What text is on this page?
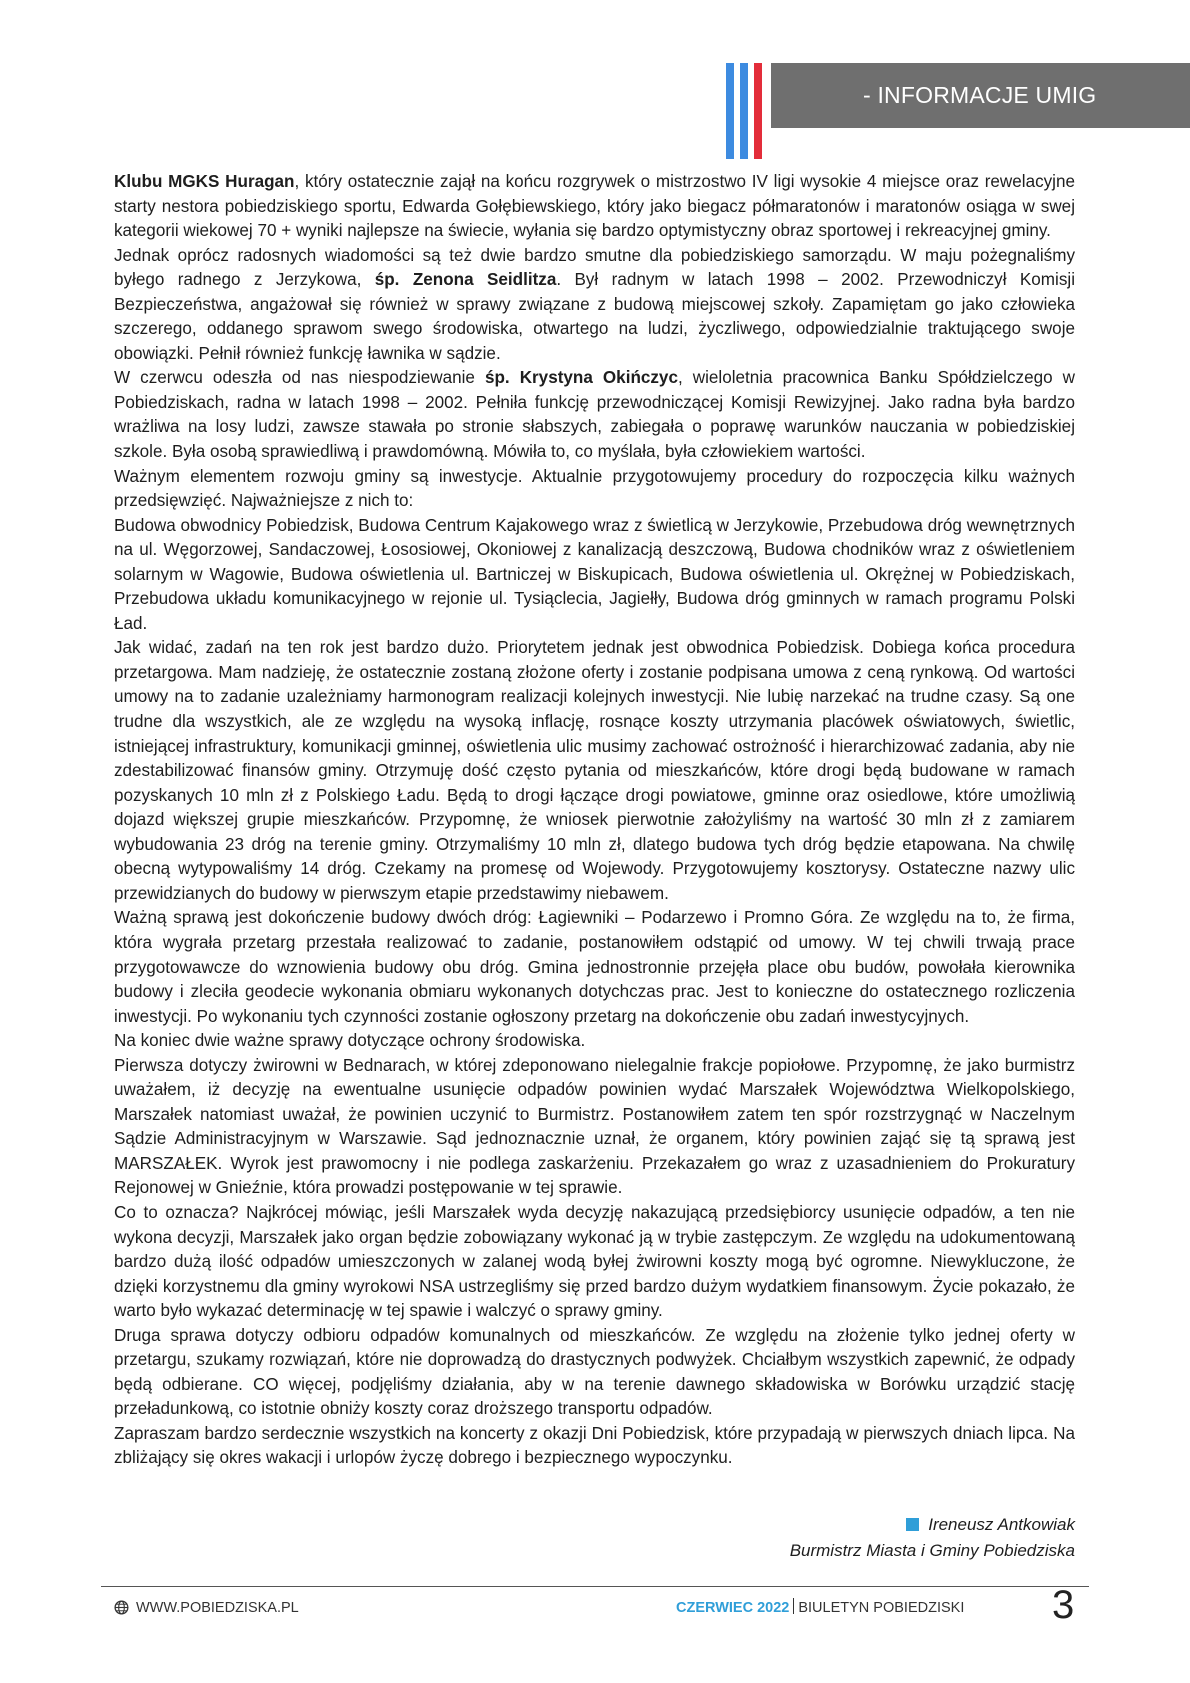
- INFORMACJE UMIG

Klubu MGKS Huragan, który ostatecznie zajął na końcu rozgrywek o mistrzostwo IV ligi wysokie 4 miejsce oraz rewelacyjne starty nestora pobiedziskiego sportu, Edwarda Gołębiewskiego, który jako biegacz półmaratonów i maratonów osiąga w swej kategorii wiekowej 70 + wyniki najlepsze na świecie, wyłania się bardzo optymistyczny obraz sportowej i rekreacyjnej gminy.

Jednak oprócz radosnych wiadomości są też dwie bardzo smutne dla pobiedziskiego samorządu. W maju pożegnaliśmy byłego radnego z Jerzykowa, śp. Zenona Seidlitza. Był radnym w latach 1998 – 2002. Przewodniczył Komisji Bezpieczeństwa, angażował się również w sprawy związane z budową miejscowej szkoły. Zapamiętam go jako człowieka szczerego, oddanego sprawom swego środowiska, otwartego na ludzi, życzliwego, odpowiedzialnie traktującego swoje obowiązki. Pełnił również funkcję ławnika w sądzie.

W czerwcu odeszła od nas niespodziewanie śp. Krystyna Okińczyc, wieloletnia pracownica Banku Spółdzielczego w Pobiedziskach, radna w latach 1998 – 2002. Pełniła funkcję przewodniczącej Komisji Rewizyjnej. Jako radna była bardzo wrażliwa na losy ludzi, zawsze stawała po stronie słabszych, zabiegała o poprawę warunków nauczania w pobiedziskiej szkole. Była osobą sprawiedliwą i prawdomówną. Mówiła to, co myślała, była człowiekiem wartości.

Ważnym elementem rozwoju gminy są inwestycje. Aktualnie przygotowujemy procedury do rozpoczęcia kilku ważnych przedsięwzięć. Najważniejsze z nich to:

Budowa obwodnicy Pobiedzisk, Budowa Centrum Kajakowego wraz z świetlicą w Jerzykowie, Przebudowa dróg wewnętrznych na ul. Węgorzowej, Sandaczowej, Łososiowej, Okoniowej z kanalizacją deszczową, Budowa chodników wraz z oświetleniem solarnym w Wagowie, Budowa oświetlenia ul. Bartniczej w Biskupicach, Budowa oświetlenia ul. Okrężnej w Pobiedziskach, Przebudowa układu komunikacyjnego w rejonie ul. Tysiąclecia, Jagiełły, Budowa dróg gminnych w ramach programu Polski Ład.

Jak widać, zadań na ten rok jest bardzo dużo. Priorytetem jednak jest obwodnica Pobiedzisk. Dobiega końca procedura przetargowa. Mam nadzieję, że ostatecznie zostaną złożone oferty i zostanie podpisana umowa z ceną rynkową. Od wartości umowy na to zadanie uzależniamy harmonogram realizacji kolejnych inwestycji. Nie lubię narzekać na trudne czasy. Są one trudne dla wszystkich, ale ze względu na wysoką inflację, rosnące koszty utrzymania placówek oświatowych, świetlic, istniejącej infrastruktury, komunikacji gminnej, oświetlenia ulic musimy zachować ostrożność i hierarchizować zadania, aby nie zdestabilizować finansów gminy. Otrzymuję dość często pytania od mieszkańców, które drogi będą budowane w ramach pozyskanych 10 mln zł z Polskiego Ładu. Będą to drogi łączące drogi powiatowe, gminne oraz osiedlowe, które umożliwią dojazd większej grupie mieszkańców. Przypomnę, że wniosek pierwotnie założyliśmy na wartość 30 mln zł z zamiarem wybudowania 23 dróg na terenie gminy. Otrzymaliśmy 10 mln zł, dlatego budowa tych dróg będzie etapowana. Na chwilę obecną wytypowaliśmy 14 dróg. Czekamy na promesę od Wojewody. Przygotowujemy kosztorysy. Ostateczne nazwy ulic przewidzianych do budowy w pierwszym etapie przedstawimy niebawem.

Ważną sprawą jest dokończenie budowy dwóch dróg: Łagiewniki – Podarzewo i Promno Góra. Ze względu na to, że firma, która wygrała przetarg przestała realizować to zadanie, postanowiłem odstąpić od umowy. W tej chwili trwają prace przygotowawcze do wznowienia budowy obu dróg. Gmina jednostronnie przejęła place obu budów, powołała kierownika budowy i zleciła geodecie wykonania obmiaru wykonanych dotychczas prac. Jest to konieczne do ostatecznego rozliczenia inwestycji. Po wykonaniu tych czynności zostanie ogłoszony przetarg na dokończenie obu zadań inwestycyjnych.

Na koniec dwie ważne sprawy dotyczące ochrony środowiska.

Pierwsza dotyczy żwirowni w Bednarach, w której zdeponowano nielegalnie frakcje popiołowe. Przypomnę, że jako burmistrz uważałem, iż decyzję na ewentualne usunięcie odpadów powinien wydać Marszałek Województwa Wielkopolskiego, Marszałek natomiast uważał, że powinien uczynić to Burmistrz. Postanowiłem zatem ten spór rozstrzygnąć w Naczelnym Sądzie Administracyjnym w Warszawie. Sąd jednoznacznie uznał, że organem, który powinien zająć się tą sprawą jest MARSZAŁEK. Wyrok jest prawomocny i nie podlega zaskarżeniu. Przekazałem go wraz z uzasadnieniem do Prokuratury Rejonowej w Gnieźnie, która prowadzi postępowanie w tej sprawie.

Co to oznacza? Najkrócej mówiąc, jeśli Marszałek wyda decyzję nakazującą przedsiębiorcy usunięcie odpadów, a ten nie wykona decyzji, Marszałek jako organ będzie zobowiązany wykonać ją w trybie zastępczym. Ze względu na udokumentowaną bardzo dużą ilość odpadów umieszczonych w zalanej wodą byłej żwirowni koszty mogą być ogromne. Niewykluczone, że dzięki korzystnemu dla gminy wyrokowi NSA ustrzegliśmy się przed bardzo dużym wydatkiem finansowym. Życie pokazało, że warto było wykazać determinację w tej spawie i walczyć o sprawy gminy.

Druga sprawa dotyczy odbioru odpadów komunalnych od mieszkańców. Ze względu na złożenie tylko jednej oferty w przetargu, szukamy rozwiązań, które nie doprowadzą do drastycznych podwyżek. Chciałbym wszystkich zapewnić, że odpady będą odbierane. CO więcej, podjęliśmy działania, aby w na terenie dawnego składowiska w Borówku urządzić stację przeładunkową, co istotnie obniży koszty coraz droższego transportu odpadów.

Zapraszam bardzo serdecznie wszystkich na koncerty z okazji Dni Pobiedzisk, które przypadają w pierwszych dniach lipca. Na zbliżający się okres wakacji i urlopów życzę dobrego i bezpiecznego wypoczynku.

Ireneusz Antkowiak
Burmistrz Miasta i Gminy Pobiedziska
WWW.POBIEDZISKA.PL	CZERWIEC 2022 BIULETYN POBIEDZISKI 3
